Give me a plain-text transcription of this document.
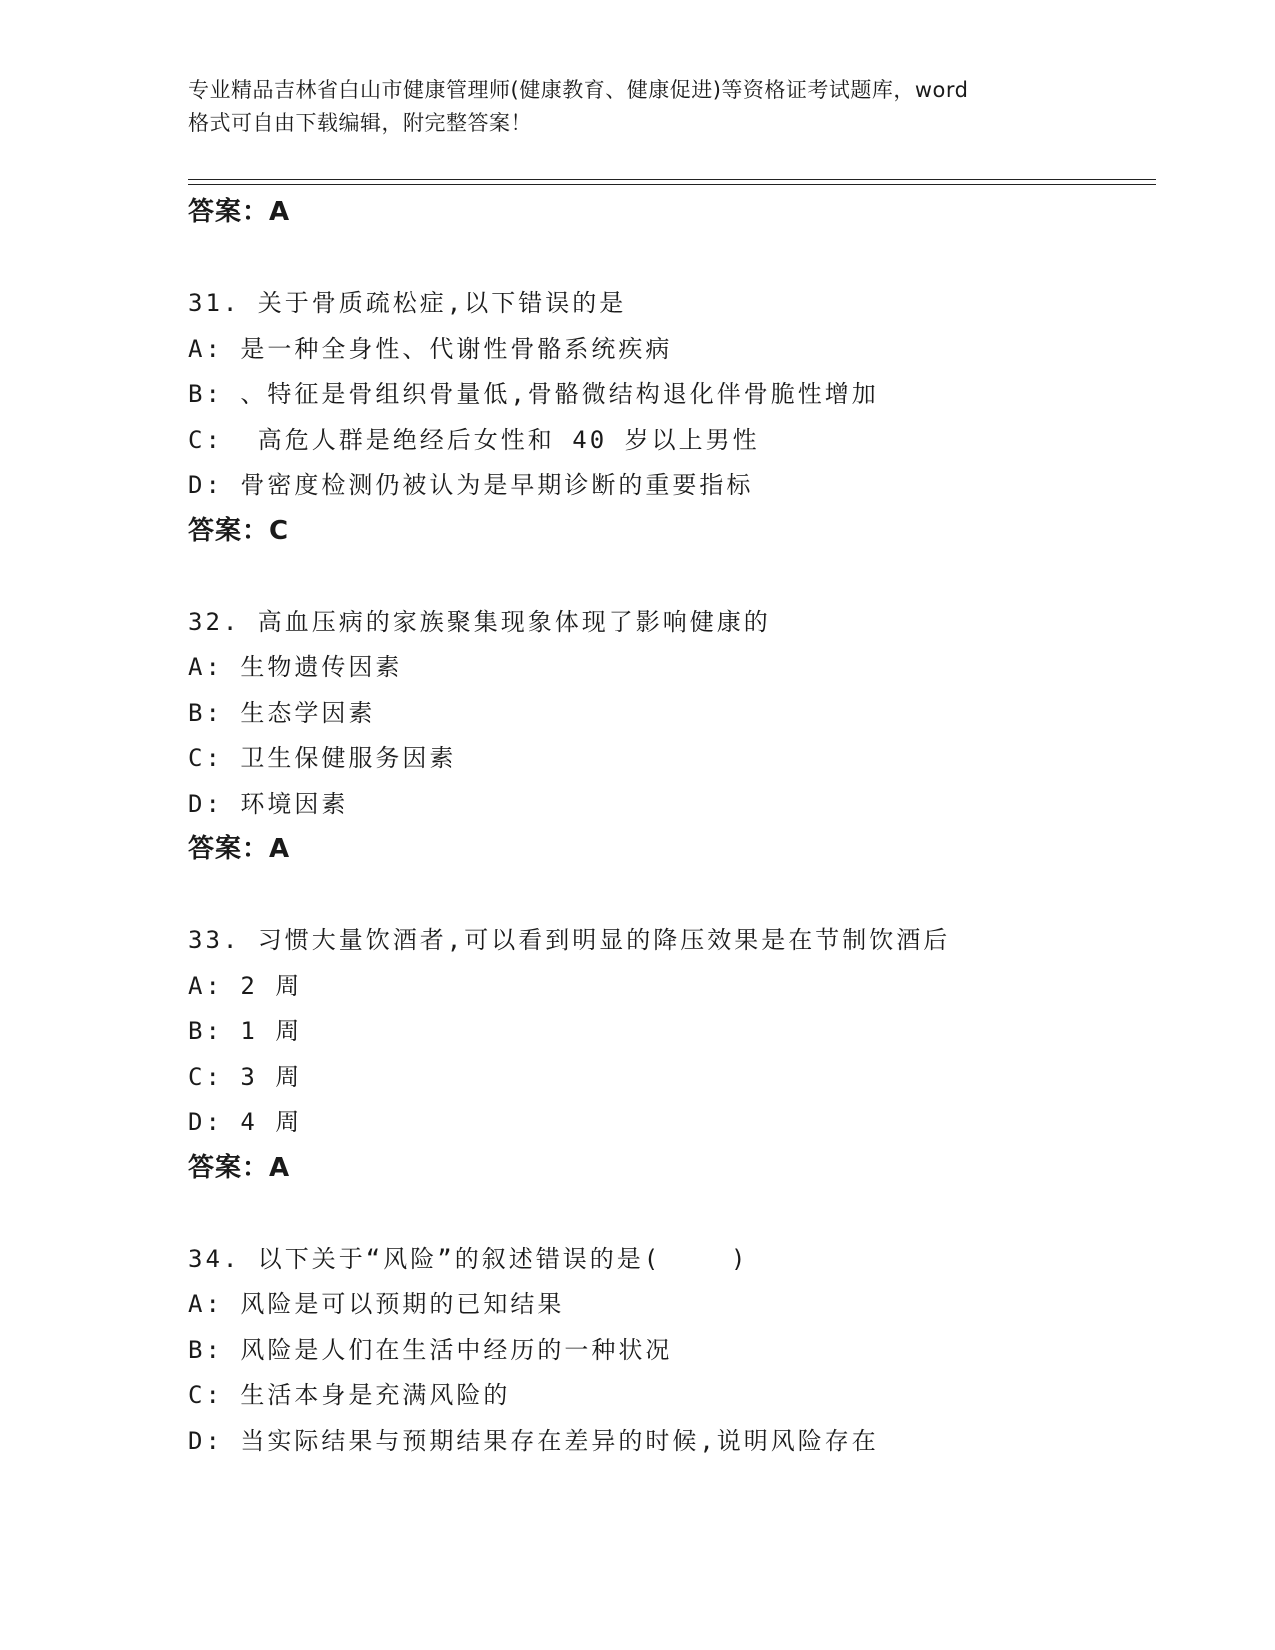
专业精品吉林省白山市健康管理师(健康教育、健康促进)等资格证考试题库，word
格式可自由下载编辑，附完整答案！
答案：A
31. 关于骨质疏松症,以下错误的是
A: 是一种全身性、代谢性骨骼系统疾病
B: 、特征是骨组织骨量低,骨骼微结构退化伴骨脆性增加
C:  高危人群是绝经后女性和 40 岁以上男性
D: 骨密度检测仍被认为是早期诊断的重要指标
答案：C
32. 高血压病的家族聚集现象体现了影响健康的
A: 生物遗传因素
B: 生态学因素
C: 卫生保健服务因素
D: 环境因素
答案：A
33. 习惯大量饮酒者,可以看到明显的降压效果是在节制饮酒后
A: 2 周
B: 1 周
C: 3 周
D: 4 周
答案：A
34. 以下关于“风险”的叙述错误的是(    )
A: 风险是可以预期的已知结果
B: 风险是人们在生活中经历的一种状况
C: 生活本身是充满风险的
D: 当实际结果与预期结果存在差异的时候,说明风险存在
